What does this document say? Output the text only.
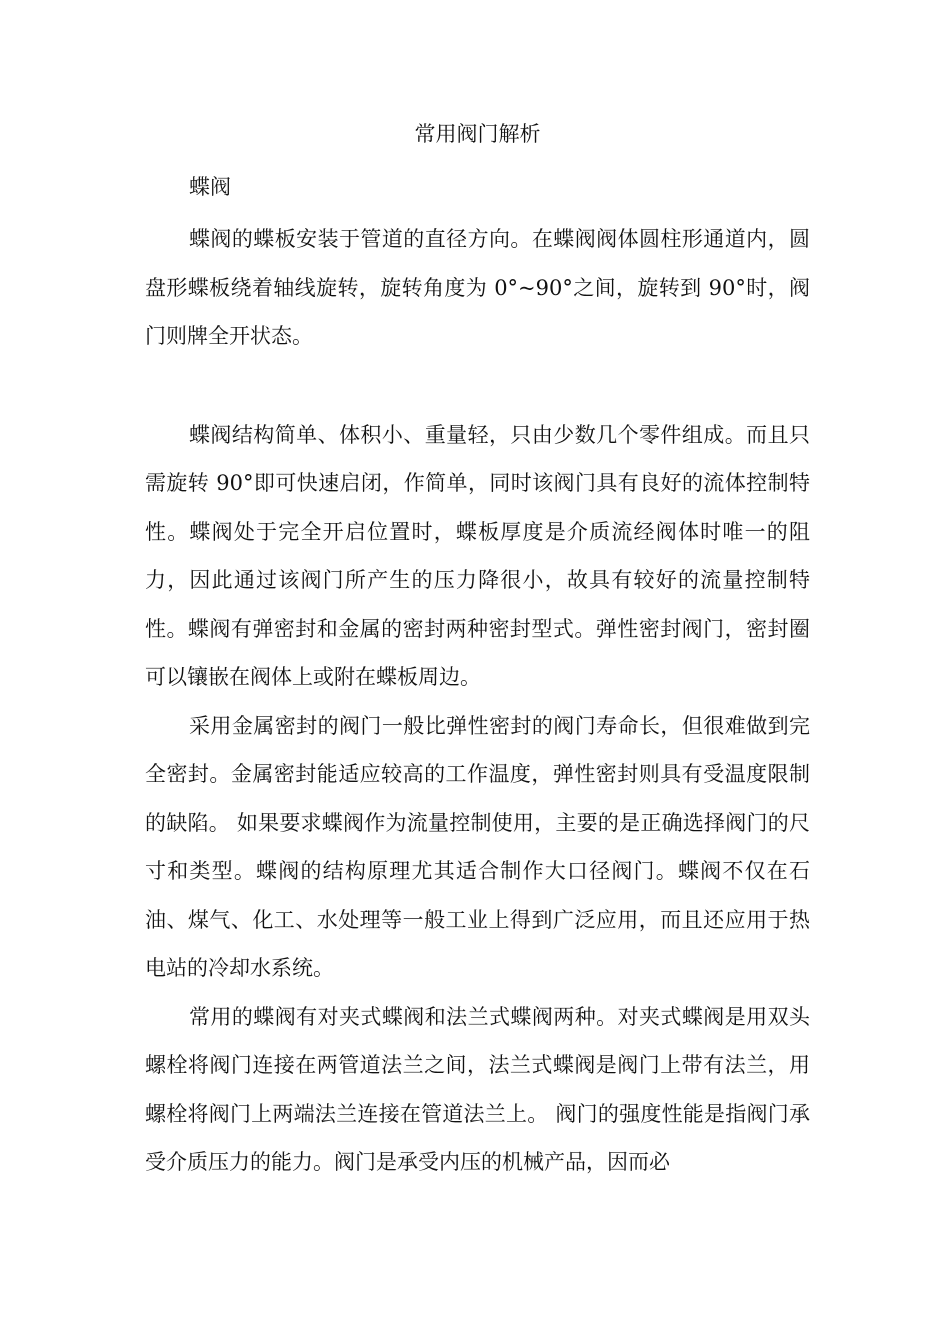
常用阀门解析
蝶阀

蝶阀的蝶板安装于管道的直径方向。在蝶阀阀体圆柱形通道内，圆盘形蝶板绕着轴线旋转，旋转角度为 0°~90°之间，旋转到 90°时，阀门则牌全开状态。

蝶阀结构简单、体积小、重量轻，只由少数几个零件组成。而且只需旋转 90°即可快速启闭，作简单，同时该阀门具有良好的流体控制特性。蝶阀处于完全开启位置时，蝶板厚度是介质流经阀体时唯一的阻力，因此通过该阀门所产生的压力降很小，故具有较好的流量控制特性。蝶阀有弹密封和金属的密封两种密封型式。弹性密封阀门，密封圈可以镶嵌在阀体上或附在蝶板周边。

采用金属密封的阀门一般比弹性密封的阀门寿命长，但很难做到完全密封。金属密封能适应较高的工作温度，弹性密封则具有受温度限制的缺陷。 如果要求蝶阀作为流量控制使用，主要的是正确选择阀门的尺寸和类型。蝶阀的结构原理尤其适合制作大口径阀门。蝶阀不仅在石油、煤气、化工、水处理等一般工业上得到广泛应用，而且还应用于热电站的冷却水系统。

常用的蝶阀有对夹式蝶阀和法兰式蝶阀两种。对夹式蝶阀是用双头螺栓将阀门连接在两管道法兰之间，法兰式蝶阀是阀门上带有法兰，用螺栓将阀门上两端法兰连接在管道法兰上。 阀门的强度性能是指阀门承受介质压力的能力。阀门是承受内压的机械产品，因而必
